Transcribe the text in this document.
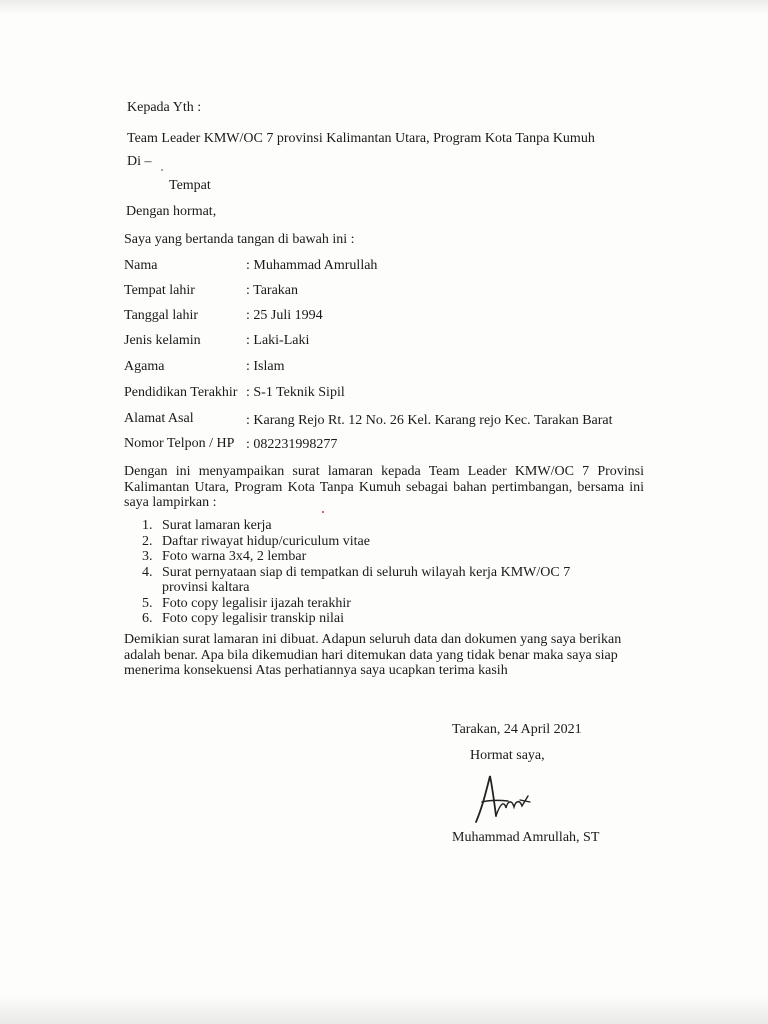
Kepada Yth :
Team Leader KMW/OC 7 provinsi Kalimantan Utara, Program Kota Tanpa Kumuh
Di –
Tempat
Dengan hormat,
Saya yang bertanda tangan di bawah ini :
Nama	: Muhammad Amrullah
Tempat lahir	: Tarakan
Tanggal lahir	: 25 Juli 1994
Jenis kelamin	: Laki-Laki
Agama	: Islam
Pendidikan Terakhir : S-1 Teknik Sipil
Alamat Asal	: Karang Rejo Rt. 12 No. 26 Kel. Karang rejo Kec. Tarakan Barat
Nomor Telpon / HP : 082231998277
Dengan ini menyampaikan surat lamaran kepada Team Leader KMW/OC 7 Provinsi Kalimantan Utara, Program Kota Tanpa Kumuh sebagai bahan pertimbangan, bersama ini saya lampirkan :
1. Surat lamaran kerja
2. Daftar riwayat hidup/curiculum vitae
3. Foto warna 3x4, 2 lembar
4. Surat pernyataan siap di tempatkan di seluruh wilayah kerja KMW/OC 7 provinsi kaltara
5. Foto copy legalisir ijazah terakhir
6. Foto copy legalisir transkip nilai
Demikian surat lamaran ini dibuat. Adapun seluruh data dan dokumen yang saya berikan adalah benar. Apa bila dikemudian hari ditemukan data yang tidak benar maka saya siap menerima konsekuensi Atas perhatiannya saya ucapkan terima kasih
Tarakan, 24 April 2021
Hormat saya,
Muhammad Amrullah, ST
